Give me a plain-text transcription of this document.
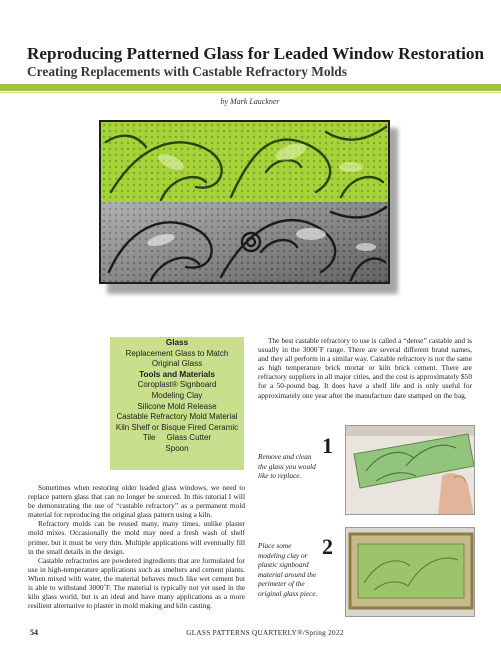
Reproducing Patterned Glass for Leaded Window Restoration
Creating Replacements with Castable Refractory Molds
by Mark Lauckner
Glass
Replacement Glass to Match
Original Glass
Tools and Materials
Coroplast® Signboard
Modeling Clay
Silicone Mold Release
Castable Refractory Mold Material
Kiln Shelf or Bisque Fired Ceramic
Tile     Glass Cutter
Spoon

Sometimes when restoring older leaded glass windows, we need to replace pattern glass that can no longer be sourced. In this tutorial I will be demonstrating the use of “castable refractory” as a permanent mold material for reproducing the original glass pattern using a kiln.

Refractory molds can be reused many, many times, unlike plaster mold mixes. Occasionally the mold may need a fresh wash of shelf primer, but it must be very thin. Multiple applications will eventually fill in the small details in the design.

Castable refractories are powdered ingredients that are formulated for use in high-temperature applications such as smelters and cement plants. When mixed with water, the material behaves much like wet cement but is able to withstand 3000˚F. The material is typically not yet used in the kiln glass world, but is an ideal and have many applications as a more resilient alternative to plaster in mold making and kiln casting.

The best castable refractory to use is called a “dense” castable and is usually in the 3000˚F range. There are several different brand names, and they all perform in a similar way. Castable refractory is not the same as high temperature brick mortar or kiln brick cement. There are refractory suppliers in all major cities, and the cost is approximately $50 for a 50-pound bag. It does have a shelf life and is only useful for approximately one year after the manufacture date stamped on the bag.

Remove and clean the glass you would like to replace.
1
Place some modeling clay or plastic signboard material around the perimeter of the original glass piece.
2
54	GLASS PATTERNS QUARTERLY®/Spring 2022
